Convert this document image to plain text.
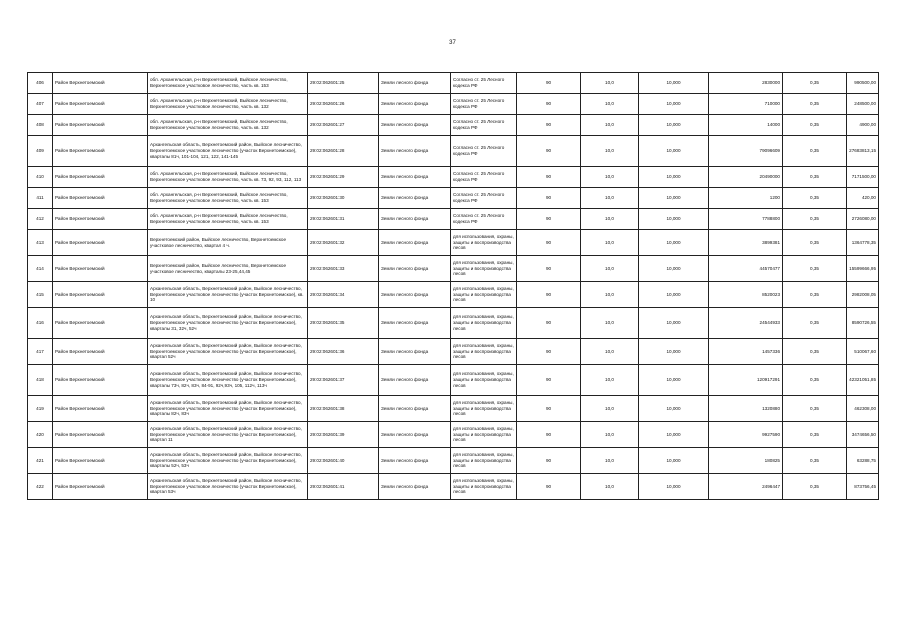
37
406	Район Верхнетоемский	обл. Архангельская, р-н Верхнетоемский, Выйское лесничество, Верхнетоемское участковое лесничество, часть кв. 153	29:02:062601:25	Земли лесного фонда	Согласно ст. 25 Лесного кодекса РФ	90	10,0	10,000	2830000	0,35	990500,00
407	Район Верхнетоемский	обл. Архангельская, р-н Верхнетоемский, Выйское лесничество, Верхнетоемское участковое лесничество, часть кв. 132	29:02:062601:26	Земли лесного фонда	Согласно ст. 25 Лесного кодекса РФ	90	10,0	10,000	710000	0,35	248500,00
408	Район Верхнетоемский	обл. Архангельская, р-н Верхнетоемский, Выйское лесничество, Верхнетоемское участковое лесничество, часть кв. 132	29:02:062601:27	Земли лесного фонда	Согласно ст. 25 Лесного кодекса РФ	90	10,0	10,000	14000	0,35	4900,00
409	Район Верхнетоемский	Архангельская область, Верхнетоемский район, Выйское лесничество, Верхнетоемское участковое лесничество (участок Верхнетоемское), кварталы 81ч, 101-104, 121, 122, 141-145	29:02:062601:28	Земли лесного фонда	Согласно ст. 25 Лесного кодекса РФ	90	10,0	10,000	79096609	0,35	27683813,15
410	Район Верхнетоемский	обл. Архангельская, р-н Верхнетоемский, Выйское лесничество, Верхнетоемское участковое лесничество, часть кв. 73, 92, 93, 112, 113	29:02:062601:29	Земли лесного фонда	Согласно ст. 25 Лесного кодекса РФ	90	10,0	10,000	20490000	0,35	7171500,00
411	Район Верхнетоемский	обл. Архангельская, р-н Верхнетоемский, Выйское лесничество, Верхнетоемское участковое лесничество, часть кв. 153	29:02:062601:30	Земли лесного фонда	Согласно ст. 25 Лесного кодекса РФ	90	10,0	10,000	1200	0,35	420,00
412	Район Верхнетоемский	обл. Архангельская, р-н Верхнетоемский, Выйское лесничество, Верхнетоемское участковое лесничество, часть кв. 153	29:02:062601:31	Земли лесного фонда	Согласно ст. 25 Лесного кодекса РФ	90	10,0	10,000	7788800	0,35	2726080,00
413	Район Верхнетоемский	Верхнетоемский район, Выйское лесничество, Верхнетоемское участковое лесничество, квартал 4 ч.	29:02:062601:32	Земли лесного фонда	для использования, охраны, защиты и воспроизводства лесов	90	10,0	10,000	3899381	0,35	1364778,35
414	Район Верхнетоемский	Верхнетоемский район, Выйское лесничество, Верхнетоемское участковое лесничество, кварталы 23-25,44,45	29:02:062601:33	Земли лесного фонда	для использования, охраны, защиты и воспроизводства лесов	90	10,0	10,000	44570477	0,35	15599666,95
415	Район Верхнетоемский	Архангельская область, Верхнетоемский район, Выйское лесничество, Верхнетоемское участковое лесничество (участок Верхнетоемское), кв. 10	29:02:062601:34	Земли лесного фонда	для использования, охраны, защиты и воспроизводства лесов	90	10,0	10,000	8520023	0,35	2982008,05
416	Район Верхнетоемский	Архангельская область, Верхнетоемский район, Выйское лесничество, Верхнетоемское участковое лесничество (участок Верхнетоемское), кварталы 31, 32ч, 52ч	29:02:062601:35	Земли лесного фонда	для использования, охраны, защиты и воспроизводства лесов	90	10,0	10,000	24544933	0,35	8590726,55
417	Район Верхнетоемский	Архангельская область, Верхнетоемский район, Выйское лесничество, Верхнетоемское участковое лесничество (участок Верхнетоемское), квартал 52ч	29:02:062601:36	Земли лесного фонда	для использования, охраны, защиты и воспроизводства лесов	90	10,0	10,000	1457336	0,35	510067,60
418	Район Верхнетоемский	Архангельская область, Верхнетоемский район, Выйское лесничество, Верхнетоемское участковое лесничество (участок Верхнетоемское), кварталы 73ч, 82ч, 83ч, 84-91, 92ч,93ч, 105, 112ч, 113ч	29:02:062601:37	Земли лесного фонда	для использования, охраны, защиты и воспроизводства лесов	90	10,0	10,000	120917291	0,35	42321051,85
419	Район Верхнетоемский	Архангельская область, Верхнетоемский район, Выйское лесничество, Верхнетоемское участковое лесничество (участок Верхнетоемское), кварталы 82ч, 83ч	29:02:062601:38	Земли лесного фонда	для использования, охраны, защиты и воспроизводства лесов	90	10,0	10,000	1320880	0,35	462308,00
420	Район Верхнетоемский	Архангельская область, Верхнетоемский район, Выйское лесничество, Верхнетоемское участковое лесничество (участок Верхнетоемское), квартал 11	29:02:062601:39	Земли лесного фонда	для использования, охраны, защиты и воспроизводства лесов	90	10,0	10,000	9927590	0,35	3474656,50
421	Район Верхнетоемский	Архангельская область, Верхнетоемский район, Выйское лесничество, Верхнетоемское участковое лесничество (участок Верхнетоемское), кварталы 52ч, 53ч	29:02:062601:40	Земли лесного фонда	для использования, охраны, защиты и воспроизводства лесов	90	10,0	10,000	180825	0,35	63288,75
422	Район Верхнетоемский	Архангельская область, Верхнетоемский район, Выйское лесничество, Верхнетоемское участковое лесничество (участок Верхнетоемское), квартал 53ч	29:02:062601:41	Земли лесного фонда	для использования, охраны, защиты и воспроизводства лесов	90	10,0	10,000	2496447	0,35	873756,45
